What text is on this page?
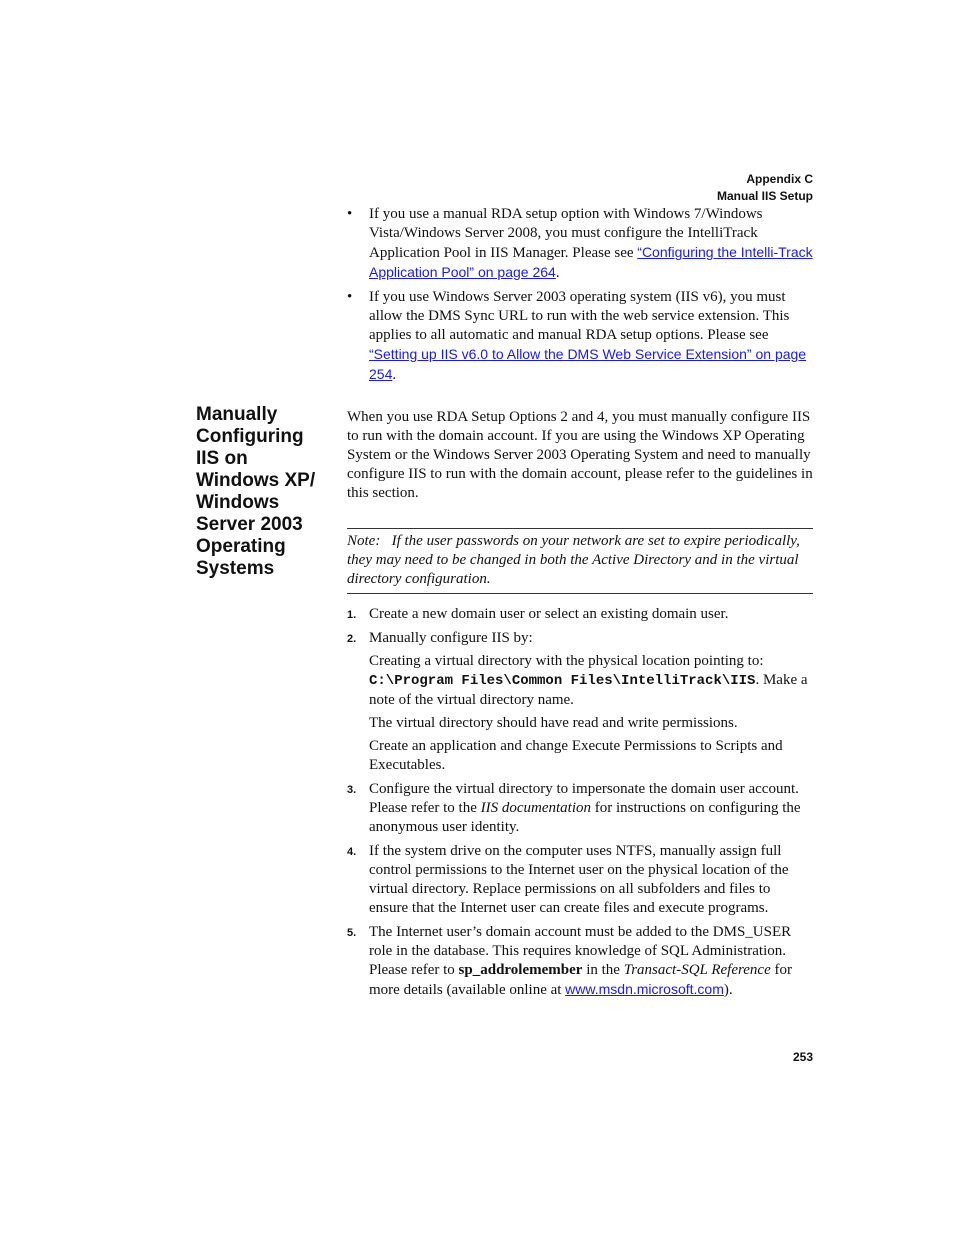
Appendix C
Manual IIS Setup
• If you use a manual RDA setup option with Windows 7/Windows Vista/Windows Server 2008, you must configure the IntelliTrack Application Pool in IIS Manager. Please see “Configuring the Intelli-Track Application Pool” on page 264.
• If you use Windows Server 2003 operating system (IIS v6), you must allow the DMS Sync URL to run with the web service extension. This applies to all automatic and manual RDA setup options. Please see “Setting up IIS v6.0 to Allow the DMS Web Service Extension” on page 254.
Manually Configuring IIS on Windows XP/ Windows Server 2003 Operating Systems

When you use RDA Setup Options 2 and 4, you must manually configure IIS to run with the domain account. If you are using the Windows XP Operating System or the Windows Server 2003 Operating System and need to manually configure IIS to run with the domain account, please refer to the guidelines in this section.

Note: If the user passwords on your network are set to expire periodically, they may need to be changed in both the Active Directory and in the virtual directory configuration.
1. Create a new domain user or select an existing domain user.
2. Manually configure IIS by:

Creating a virtual directory with the physical location pointing to:
C:\Program Files\Common Files\IntelliTrack\IIS. Make a note of the virtual directory name.

The virtual directory should have read and write permissions.

Create an application and change Execute Permissions to Scripts and Executables.

3. Configure the virtual directory to impersonate the domain user account. Please refer to the IIS documentation for instructions on configuring the anonymous user identity.
4. If the system drive on the computer uses NTFS, manually assign full control permissions to the Internet user on the physical location of the virtual directory. Replace permissions on all subfolders and files to ensure that the Internet user can create files and execute programs.
5. The Internet user’s domain account must be added to the DMS_USER role in the database. This requires knowledge of SQL Administration. Please refer to sp_addrolemember in the Transact-SQL Reference for more details (available online at www.msdn.microsoft.com).
253
